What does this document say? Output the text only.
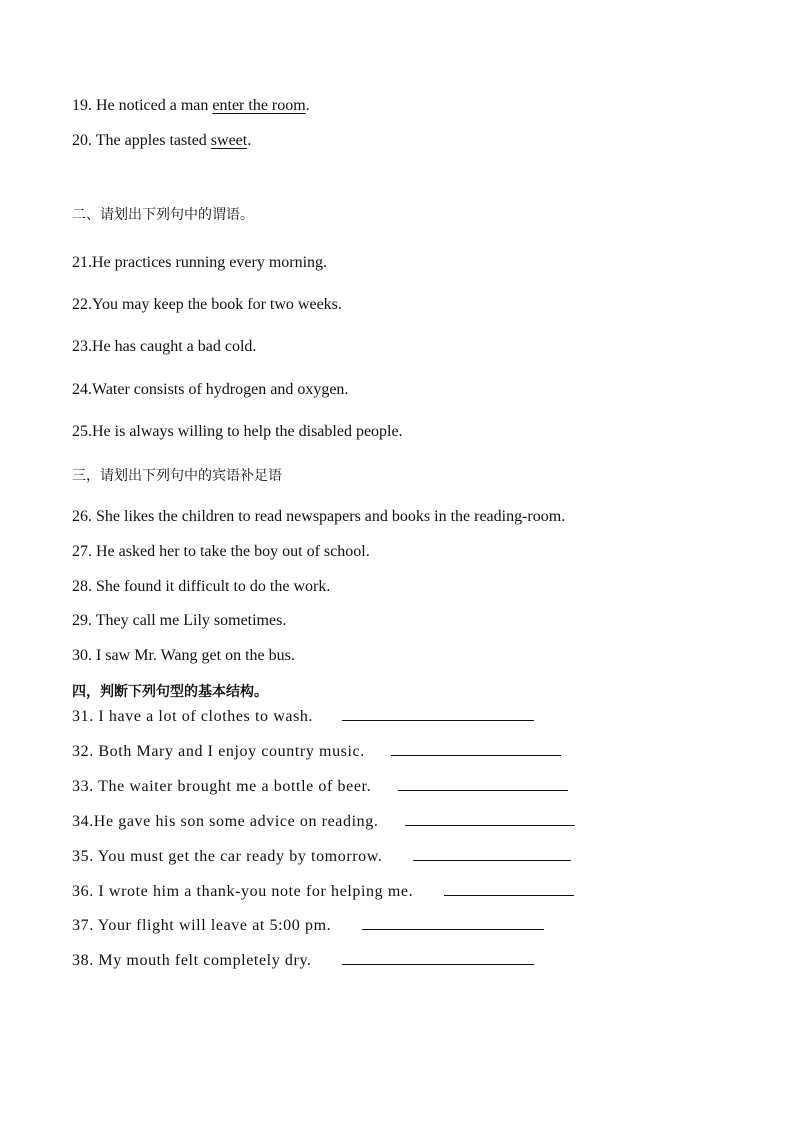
19. He noticed a man enter the room.
20. The apples tasted sweet.
二、请划出下列句中的谓语。
21.He practices running every morning.
22.You may keep the book for two weeks.
23.He has caught a bad cold.
24.Water consists of hydrogen and oxygen.
25.He is always willing to help the disabled people.
三，请划出下列句中的宾语补足语
26. She likes the children to read newspapers and books in the reading-room.
27. He asked her to take the boy out of school.
28. She found it difficult to do the work.
29. They call me Lily sometimes.
30. I saw Mr. Wang get on the bus.
四，判断下列句型的基本结构。
31. I have a lot of clothes to wash.
32. Both Mary and I enjoy country music.
33. The waiter brought me a bottle of beer.
34.He gave his son some advice on reading.
35. You must get the car ready by tomorrow.
36. I wrote him a thank-you note for helping me.
37. Your flight will leave at 5:00 pm.
38. My mouth felt completely dry.
